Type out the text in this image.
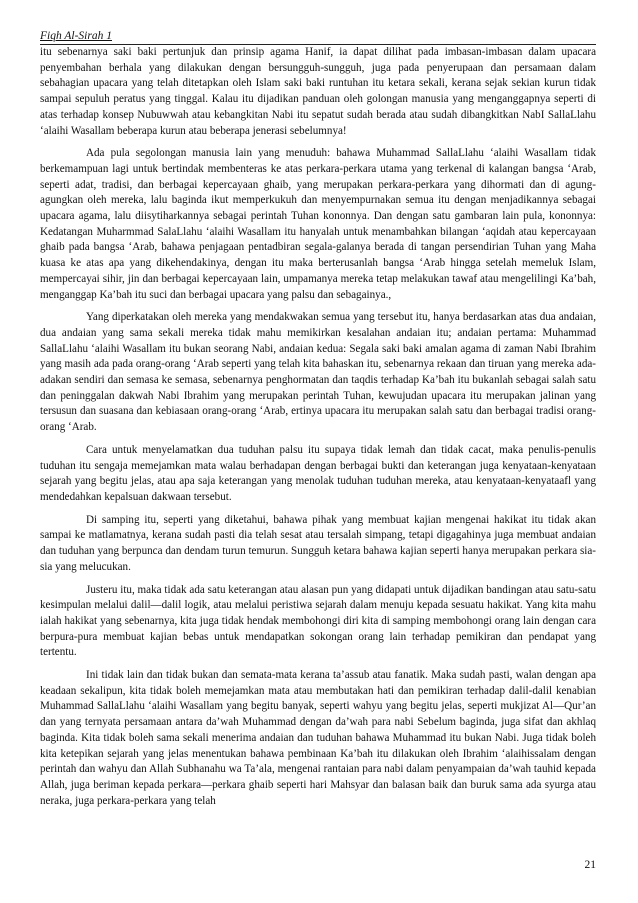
Fiqh Al-Sirah 1

itu sebenarnya saki baki pertunjuk dan prinsip agama Hanif, ia dapat dilihat pada imbasan-imbasan dalam upacara penyembahan berhala yang dilakukan dengan bersungguh-sungguh, juga pada penyerupaan dan persamaan dalam sebahagian upacara yang telah ditetapkan oleh Islam saki baki runtuhan itu ketara sekali, kerana sejak sekian kurun tidak sampai sepuluh peratus yang tinggal. Kalau itu dijadikan panduan oleh golongan manusia yang menganggapnya seperti di atas terhadap konsep Nubuwwah atau kebangkitan Nabi itu sepatut sudah berada atau sudah dibangkitkan NabI SallaLlahu ‘alaihi Wasallam beberapa kurun atau beberapa jenerasi sebelumnya!

Ada pula segolongan manusia lain yang menuduh: bahawa Muhammad SallaLlahu ‘alaihi Wasallam tidak berkemampuan lagi untuk bertindak membenteras ke atas perkara-perkara utama yang terkenal di kalangan bangsa ‘Arab, seperti adat, tradisi, dan berbagai kepercayaan ghaib, yang merupakan perkara-perkara yang dihormati dan di agung-agungkan oleh mereka, lalu baginda ikut memperkukuh dan menyempurnakan semua itu dengan menjadikannya sebagai upacara agama, lalu diisytiharkannya sebagai perintah Tuhan kononnya. Dan dengan satu gambaran lain pula, kononnya: Kedatangan Muharmmad SalaLlahu ‘alaihi Wasallam itu hanyalah untuk menambahkan bilangan ‘aqidah atau kepercayaan ghaib pada bangsa ‘Arab, bahawa penjagaan pentadbiran segala-galanya berada di tangan persendirian Tuhan yang Maha kuasa ke atas apa yang dikehendakinya, dengan itu maka berterusanlah bangsa ‘Arab hingga setelah memeluk Islam, mempercayai sihir, jin dan berbagai kepercayaan lain, umpamanya mereka tetap melakukan tawaf atau mengelilingi Ka’bah, menganggap Ka’bah itu suci dan berbagai upacara yang palsu dan sebagainya.,

Yang diperkatakan oleh mereka yang mendakwakan semua yang tersebut itu, hanya berdasarkan atas dua andaian, dua andaian yang sama sekali mereka tidak mahu memikirkan kesalahan andaian itu; andaian pertama: Muhammad SallaLlahu ‘alaihi Wasallam itu bukan seorang Nabi, andaian kedua: Segala saki baki amalan agama di zaman Nabi Ibrahim yang masih ada pada orang-orang ‘Arab seperti yang telah kita bahaskan itu, sebenarnya rekaan dan tiruan yang mereka ada-adakan sendiri dan semasa ke semasa, sebenarnya penghormatan dan taqdis terhadap Ka’bah itu bukanlah sebagai salah satu dan peninggalan dakwah Nabi Ibrahim yang merupakan perintah Tuhan, kewujudan upacara itu merupakan jalinan yang tersusun dan suasana dan kebiasaan orang-orang ‘Arab, ertinya upacara itu merupakan salah satu dan berbagai tradisi orang-orang ‘Arab.

Cara untuk menyelamatkan dua tuduhan palsu itu supaya tidak lemah dan tidak cacat, maka penulis-penulis tuduhan itu sengaja memejamkan mata walau berhadapan dengan berbagai bukti dan keterangan juga kenyataan-kenyataan sejarah yang begitu jelas, atau apa saja keterangan yang menolak tuduhan tuduhan mereka, atau kenyataan-kenyataafl yang mendedahkan kepalsuan dakwaan tersebut.

Di samping itu, seperti yang diketahui, bahawa pihak yang membuat kajian mengenai hakikat itu tidak akan sampai ke matlamatnya, kerana sudah pasti dia telah sesat atau tersalah simpang, tetapi digagahinya juga membuat andaian dan tuduhan yang berpunca dan dendam turun temurun. Sungguh ketara bahawa kajian seperti hanya merupakan perkara sia-sia yang melucukan.

Justeru itu, maka tidak ada satu keterangan atau alasan pun yang didapati untuk dijadikan bandingan atau satu-satu kesimpulan melalui dalil—dalil logik, atau melalui peristiwa sejarah dalam menuju kepada sesuatu hakikat. Yang kita mahu ialah hakikat yang sebenarnya, kita juga tidak hendak membohongi diri kita di samping membohongi orang lain dengan cara berpura-pura membuat kajian bebas untuk mendapatkan sokongan orang lain terhadap pemikiran dan pendapat yang tertentu.

Ini tidak lain dan tidak bukan dan semata-mata kerana ta’assub atau fanatik. Maka sudah pasti, walan dengan apa keadaan sekalipun, kita tidak boleh memejamkan mata atau membutakan hati dan pemikiran terhadap dalil-dalil kenabian Muhammad SallaLlahu ‘alaihi Wasallam yang begitu banyak, seperti wahyu yang begitu jelas, seperti mukjizat Al—Qur’an dan yang ternyata persamaan antara da’wah Muhammad dengan da’wah para nabi Sebelum baginda, juga sifat dan akhlaq baginda. Kita tidak boleh sama sekali menerima andaian dan tuduhan bahawa Muhammad itu bukan Nabi. Juga tidak boleh kita ketepikan sejarah yang jelas menentukan bahawa pembinaan Ka’bah itu dilakukan oleh Ibrahim ‘alaihissalam dengan perintah dan wahyu dan Allah Subhanahu wa Ta’ala, mengenai rantaian para nabi dalam penyampaian da’wah tauhid kepada Allah, juga beriman kepada perkara—perkara ghaib seperti hari Mahsyar dan balasan baik dan buruk sama ada syurga atau neraka, juga perkara-perkara yang telah

21
